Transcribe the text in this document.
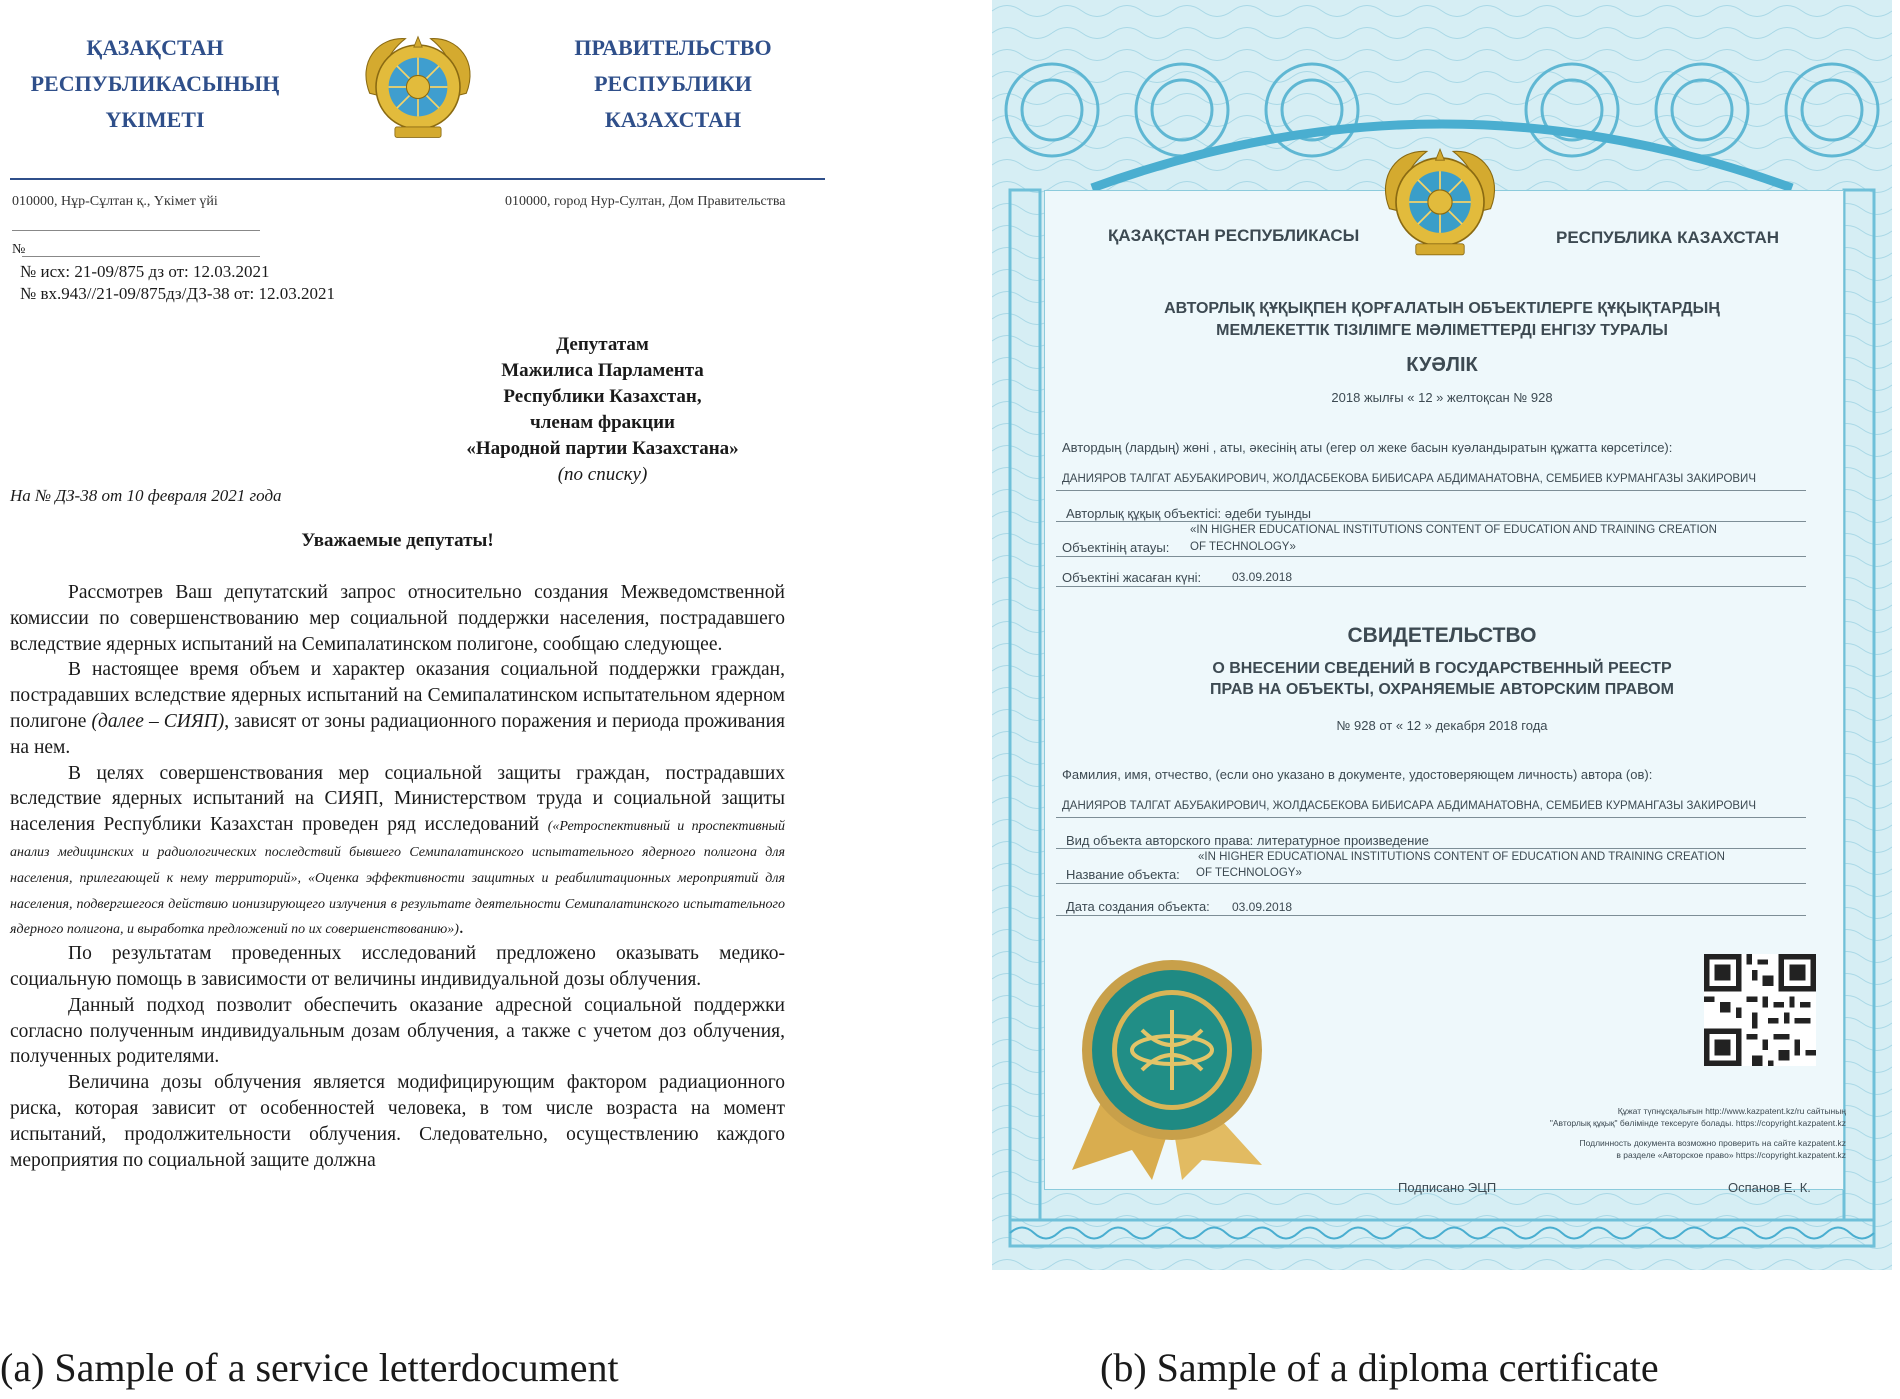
ҚАЗАҚСТАН
РЕСПУБЛИКАСЫНЫҢ
ҮКІМЕТІ
ПРАВИТЕЛЬСТВО
РЕСПУБЛИКИ
КАЗАХСТАН
010000, Нұр-Сұлтан қ., Үкімет үйі	010000, город Нур-Султан, Дом Правительства
№
№ исх: 21-09/875 дз от: 12.03.2021
№ вх.943//21-09/875дз/ДЗ-38 от: 12.03.2021
Депутатам
Мажилиса Парламента
Республики Казахстан,
членам фракции
«Народной партии Казахстана»
(по списку)
На № ДЗ-38 от 10 февраля 2021 года
Уважаемые депутаты!

Рассмотрев Ваш депутатский запрос относительно создания Межведомственной комиссии по совершенствованию мер социальной поддержки населения, пострадавшего вследствие ядерных испытаний на Семипалатинском полигоне, сообщаю следующее.

В настоящее время объем и характер оказания социальной поддержки граждан, пострадавших вследствие ядерных испытаний на Семипалатинском испытательном ядерном полигоне (далее – СИЯП), зависят от зоны радиационного поражения и периода проживания на нем.

В целях совершенствования мер социальной защиты граждан, пострадавших вследствие ядерных испытаний на СИЯП, Министерством труда и социальной защиты населения Республики Казахстан проведен ряд исследований («Ретроспективный и проспективный анализ медицинских и радиологических последствий бывшего Семипалатинского испытательного ядерного полигона для населения, прилегающей к нему территорий», «Оценка эффективности защитных и реабилитационных мероприятий для населения, подвергшегося действию ионизирующего излучения в результате деятельности Семипалатинского испытательного ядерного полигона, и выработка предложений по их совершенствованию»).

По результатам проведенных исследований предложено оказывать медико-социальную помощь в зависимости от величины индивидуальной дозы облучения.

Данный подход позволит обеспечить оказание адресной социальной поддержки согласно полученным индивидуальным дозам облучения, а также с учетом доз облучения, полученных родителями.

Величина дозы облучения является модифицирующим фактором радиационного риска, которая зависит от особенностей человека, в том числе возраста на момент испытаний, продолжительности облучения. Следовательно, осуществлению каждого мероприятия по социальной защите должна

ҚАЗАҚСТАН РЕСПУБЛИКАСЫ	РЕСПУБЛИКА КАЗАХСТАН
АВТОРЛЫҚ ҚҰҚЫҚПЕН ҚОРҒАЛАТЫН ОБЪЕКТІЛЕРГЕ ҚҰҚЫҚТАРДЫҢ
МЕМЛЕКЕТТІК ТІЗІЛІМГЕ МӘЛІМЕТТЕРДІ ЕНГІЗУ ТУРАЛЫ
КУӘЛІК
2018 жылғы « 12 » желтоқсан № 928
Автордың (лардың) жөні , аты, әкесінің аты (егер ол жеке басын куәландыратын құжатта көрсетілсе):
ДАНИЯРОВ ТАЛГАТ АБУБАКИРОВИЧ, ЖОЛДАСБЕКОВА БИБИСАРА АБДИМАНАТОВНА, СЕМБИЕВ КУРМАНГАЗЫ ЗАКИРОВИЧ
Авторлық құқық объектісі: әдеби туынды
«IN HIGHER EDUCATIONAL INSTITUTIONS CONTENT OF EDUCATION AND TRAINING CREATION
Объектінің атауы: OF TECHNOLOGY»
Объектіні жасаған күні:	03.09.2018
СВИДЕТЕЛЬСТВО
О ВНЕСЕНИИ СВЕДЕНИЙ В ГОСУДАРСТВЕННЫЙ РЕЕСТР
ПРАВ НА ОБЪЕКТЫ, ОХРАНЯЕМЫЕ АВТОРСКИМ ПРАВОМ
№ 928 от « 12 » декабря 2018 года
Фамилия, имя, отчество, (если оно указано в документе, удостоверяющем личность) автора (ов):
ДАНИЯРОВ ТАЛГАТ АБУБАКИРОВИЧ, ЖОЛДАСБЕКОВА БИБИСАРА АБДИМАНАТОВНА, СЕМБИЕВ КУРМАНГАЗЫ ЗАКИРОВИЧ
Вид объекта авторского права: литературное произведение
«IN HIGHER EDUCATIONAL INSTITUTIONS CONTENT OF EDUCATION AND TRAINING CREATION
Название объекта: OF TECHNOLOGY»
Дата создания объекта: 03.09.2018
Құжат түпнұсқалығын http://www.kazpatent.kz/ru сайтының
"Авторлық құқық" бөлімінде тексеруге болады. https://copyright.kazpatent.kz
Подлинность документа возможно проверить на сайте kazpatent.kz
в разделе «Авторское право» https://copyright.kazpatent.kz
Подписано ЭЦП	Оспанов Е. К.
(a) Sample of a service letterdocument	(b) Sample of a diploma certificate
